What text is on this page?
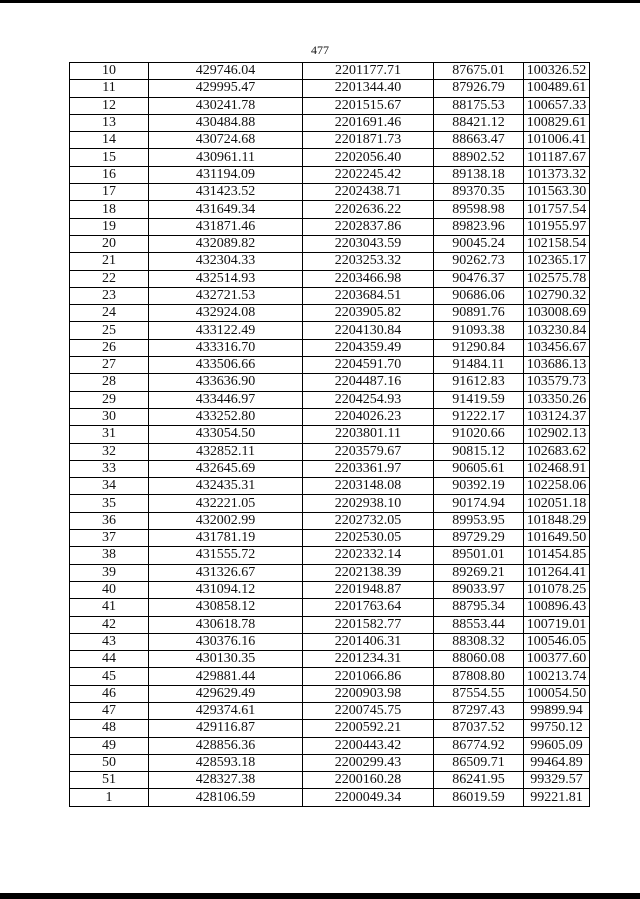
477
10	429746.04	2201177.71	87675.01	100326.52
11	429995.47	2201344.40	87926.79	100489.61
12	430241.78	2201515.67	88175.53	100657.33
13	430484.88	2201691.46	88421.12	100829.61
14	430724.68	2201871.73	88663.47	101006.41
15	430961.11	2202056.40	88902.52	101187.67
16	431194.09	2202245.42	89138.18	101373.32
17	431423.52	2202438.71	89370.35	101563.30
18	431649.34	2202636.22	89598.98	101757.54
19	431871.46	2202837.86	89823.96	101955.97
20	432089.82	2203043.59	90045.24	102158.54
21	432304.33	2203253.32	90262.73	102365.17
22	432514.93	2203466.98	90476.37	102575.78
23	432721.53	2203684.51	90686.06	102790.32
24	432924.08	2203905.82	90891.76	103008.69
25	433122.49	2204130.84	91093.38	103230.84
26	433316.70	2204359.49	91290.84	103456.67
27	433506.66	2204591.70	91484.11	103686.13
28	433636.90	2204487.16	91612.83	103579.73
29	433446.97	2204254.93	91419.59	103350.26
30	433252.80	2204026.23	91222.17	103124.37
31	433054.50	2203801.11	91020.66	102902.13
32	432852.11	2203579.67	90815.12	102683.62
33	432645.69	2203361.97	90605.61	102468.91
34	432435.31	2203148.08	90392.19	102258.06
35	432221.05	2202938.10	90174.94	102051.18
36	432002.99	2202732.05	89953.95	101848.29
37	431781.19	2202530.05	89729.29	101649.50
38	431555.72	2202332.14	89501.01	101454.85
39	431326.67	2202138.39	89269.21	101264.41
40	431094.12	2201948.87	89033.97	101078.25
41	430858.12	2201763.64	88795.34	100896.43
42	430618.78	2201582.77	88553.44	100719.01
43	430376.16	2201406.31	88308.32	100546.05
44	430130.35	2201234.31	88060.08	100377.60
45	429881.44	2201066.86	87808.80	100213.74
46	429629.49	2200903.98	87554.55	100054.50
47	429374.61	2200745.75	87297.43	99899.94
48	429116.87	2200592.21	87037.52	99750.12
49	428856.36	2200443.42	86774.92	99605.09
50	428593.18	2200299.43	86509.71	99464.89
51	428327.38	2200160.28	86241.95	99329.57
1	428106.59	2200049.34	86019.59	99221.81
